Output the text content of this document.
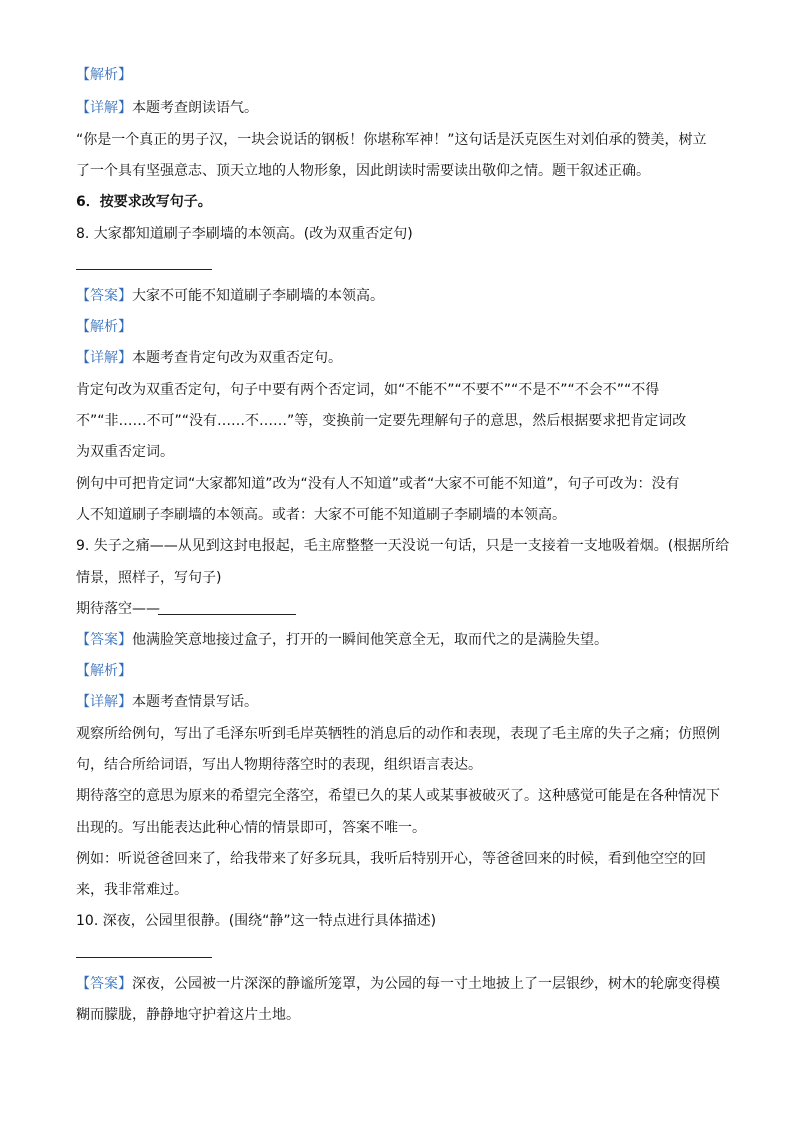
【解析】
【详解】本题考查朗读语气。
“你是一个真正的男子汉，一块会说话的钢板！你堪称军神！”这句话是沃克医生对刘伯承的赞美，树立
了一个具有坚强意志、顶天立地的人物形象，因此朗读时需要读出敬仰之情。题干叙述正确。
6．按要求改写句子。
8. 大家都知道刷子李刷墙的本领高。(改为双重否定句)
【答案】大家不可能不知道刷子李刷墙的本领高。
【解析】
【详解】本题考查肯定句改为双重否定句。
肯定句改为双重否定句，句子中要有两个否定词，如“不能不”“不要不”“不是不”“不会不”“不得
不”“非……不可”“没有……不……”等，变换前一定要先理解句子的意思，然后根据要求把肯定词改
为双重否定词。
例句中可把肯定词“大家都知道”改为“没有人不知道”或者“大家不可能不知道”，句子可改为：没有
人不知道刷子李刷墙的本领高。或者：大家不可能不知道刷子李刷墙的本领高。
9. 失子之痛——从见到这封电报起，毛主席整整一天没说一句话，只是一支接着一支地吸着烟。(根据所给
情景，照样子，写句子)
期待落空——
【答案】他满脸笑意地接过盒子，打开的一瞬间他笑意全无，取而代之的是满脸失望。
【解析】
【详解】本题考查情景写话。
观察所给例句，写出了毛泽东听到毛岸英牺牲的消息后的动作和表现，表现了毛主席的失子之痛；仿照例
句，结合所给词语，写出人物期待落空时的表现，组织语言表达。
期待落空的意思为原来的希望完全落空，希望已久的某人或某事被破灭了。这种感觉可能是在各种情况下
出现的。写出能表达此种心情的情景即可，答案不唯一。
例如：听说爸爸回来了，给我带来了好多玩具，我听后特别开心，等爸爸回来的时候，看到他空空的回
来，我非常难过。
10. 深夜，公园里很静。(围绕“静”这一特点进行具体描述)
【答案】深夜，公园被一片深深的静谧所笼罩，为公园的每一寸土地披上了一层银纱，树木的轮廓变得模
糊而朦胧，静静地守护着这片土地。
